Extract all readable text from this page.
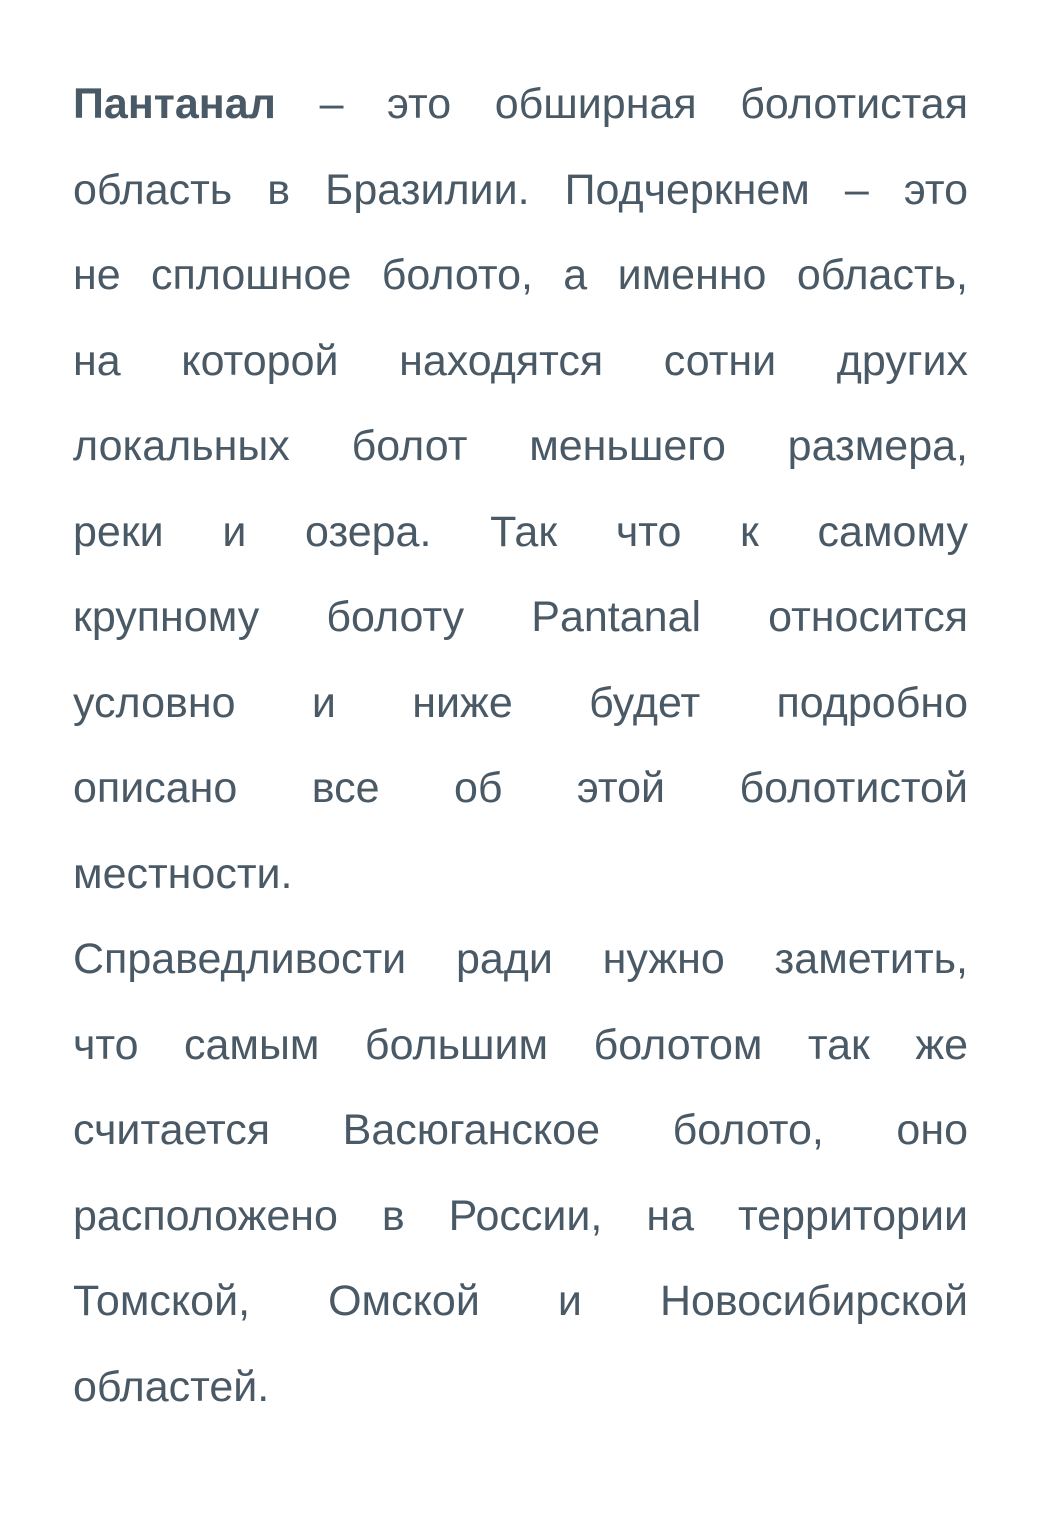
Пантанал – это обширная болотистая
область в Бразилии. Подчеркнем – это
не сплошное болото, а именно область,
на которой находятся сотни других
локальных болот меньшего размера,
реки и озера. Так что к самому
крупному болоту Pantanal относится
условно и ниже будет подробно
описано все об этой болотистой
местности.
Справедливости ради нужно заметить,
что самым большим болотом так же
считается Васюганское болото, оно
расположено в России, на территории
Томской, Омской и Новосибирской
областей.
